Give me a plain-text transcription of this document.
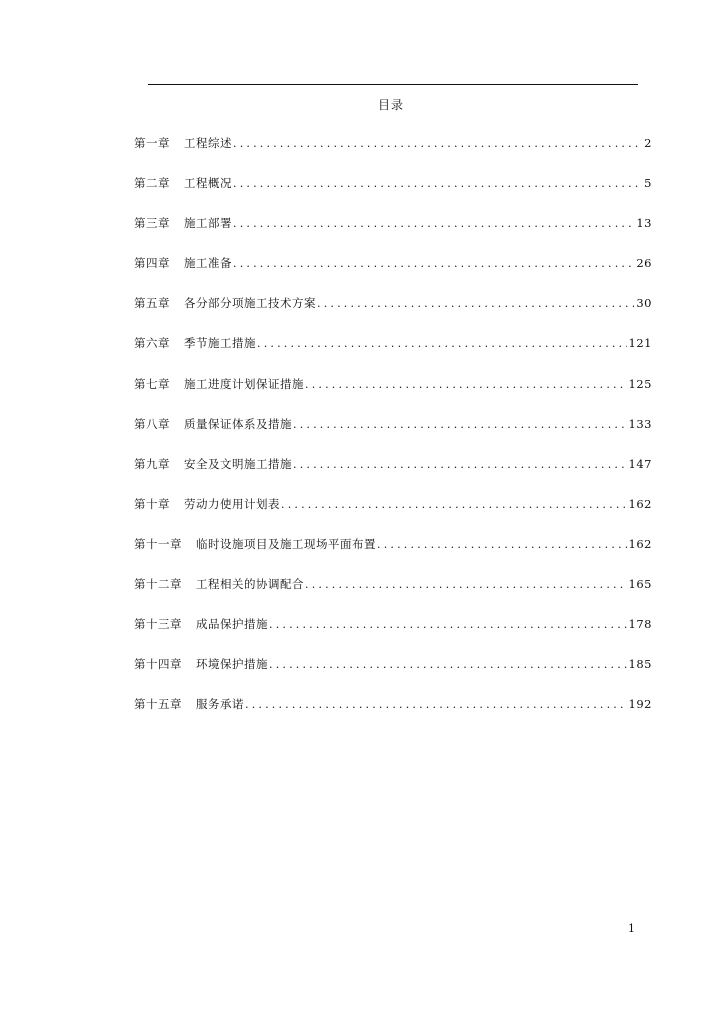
目录
第一章 工程综述 .....	2
第二章 工程概况 .....	5
第三章 施工部署 .....	13
第四章 施工准备 .....	26
第五章 各分部分项施工技术方案 .....	30
第六章 季节施工措施 .....	121
第七章 施工进度计划保证措施 .....	125
第八章 质量保证体系及措施 .....	133
第九章 安全及文明施工措施 .....	147
第十章 劳动力使用计划表 .....	162
第十一章 临时设施项目及施工现场平面布置 .....	162
第十二章 工程相关的协调配合 .....	165
第十三章 成品保护措施 .....	178
第十四章 环境保护措施 .....	185
第十五章 服务承诺 .....	192
1
